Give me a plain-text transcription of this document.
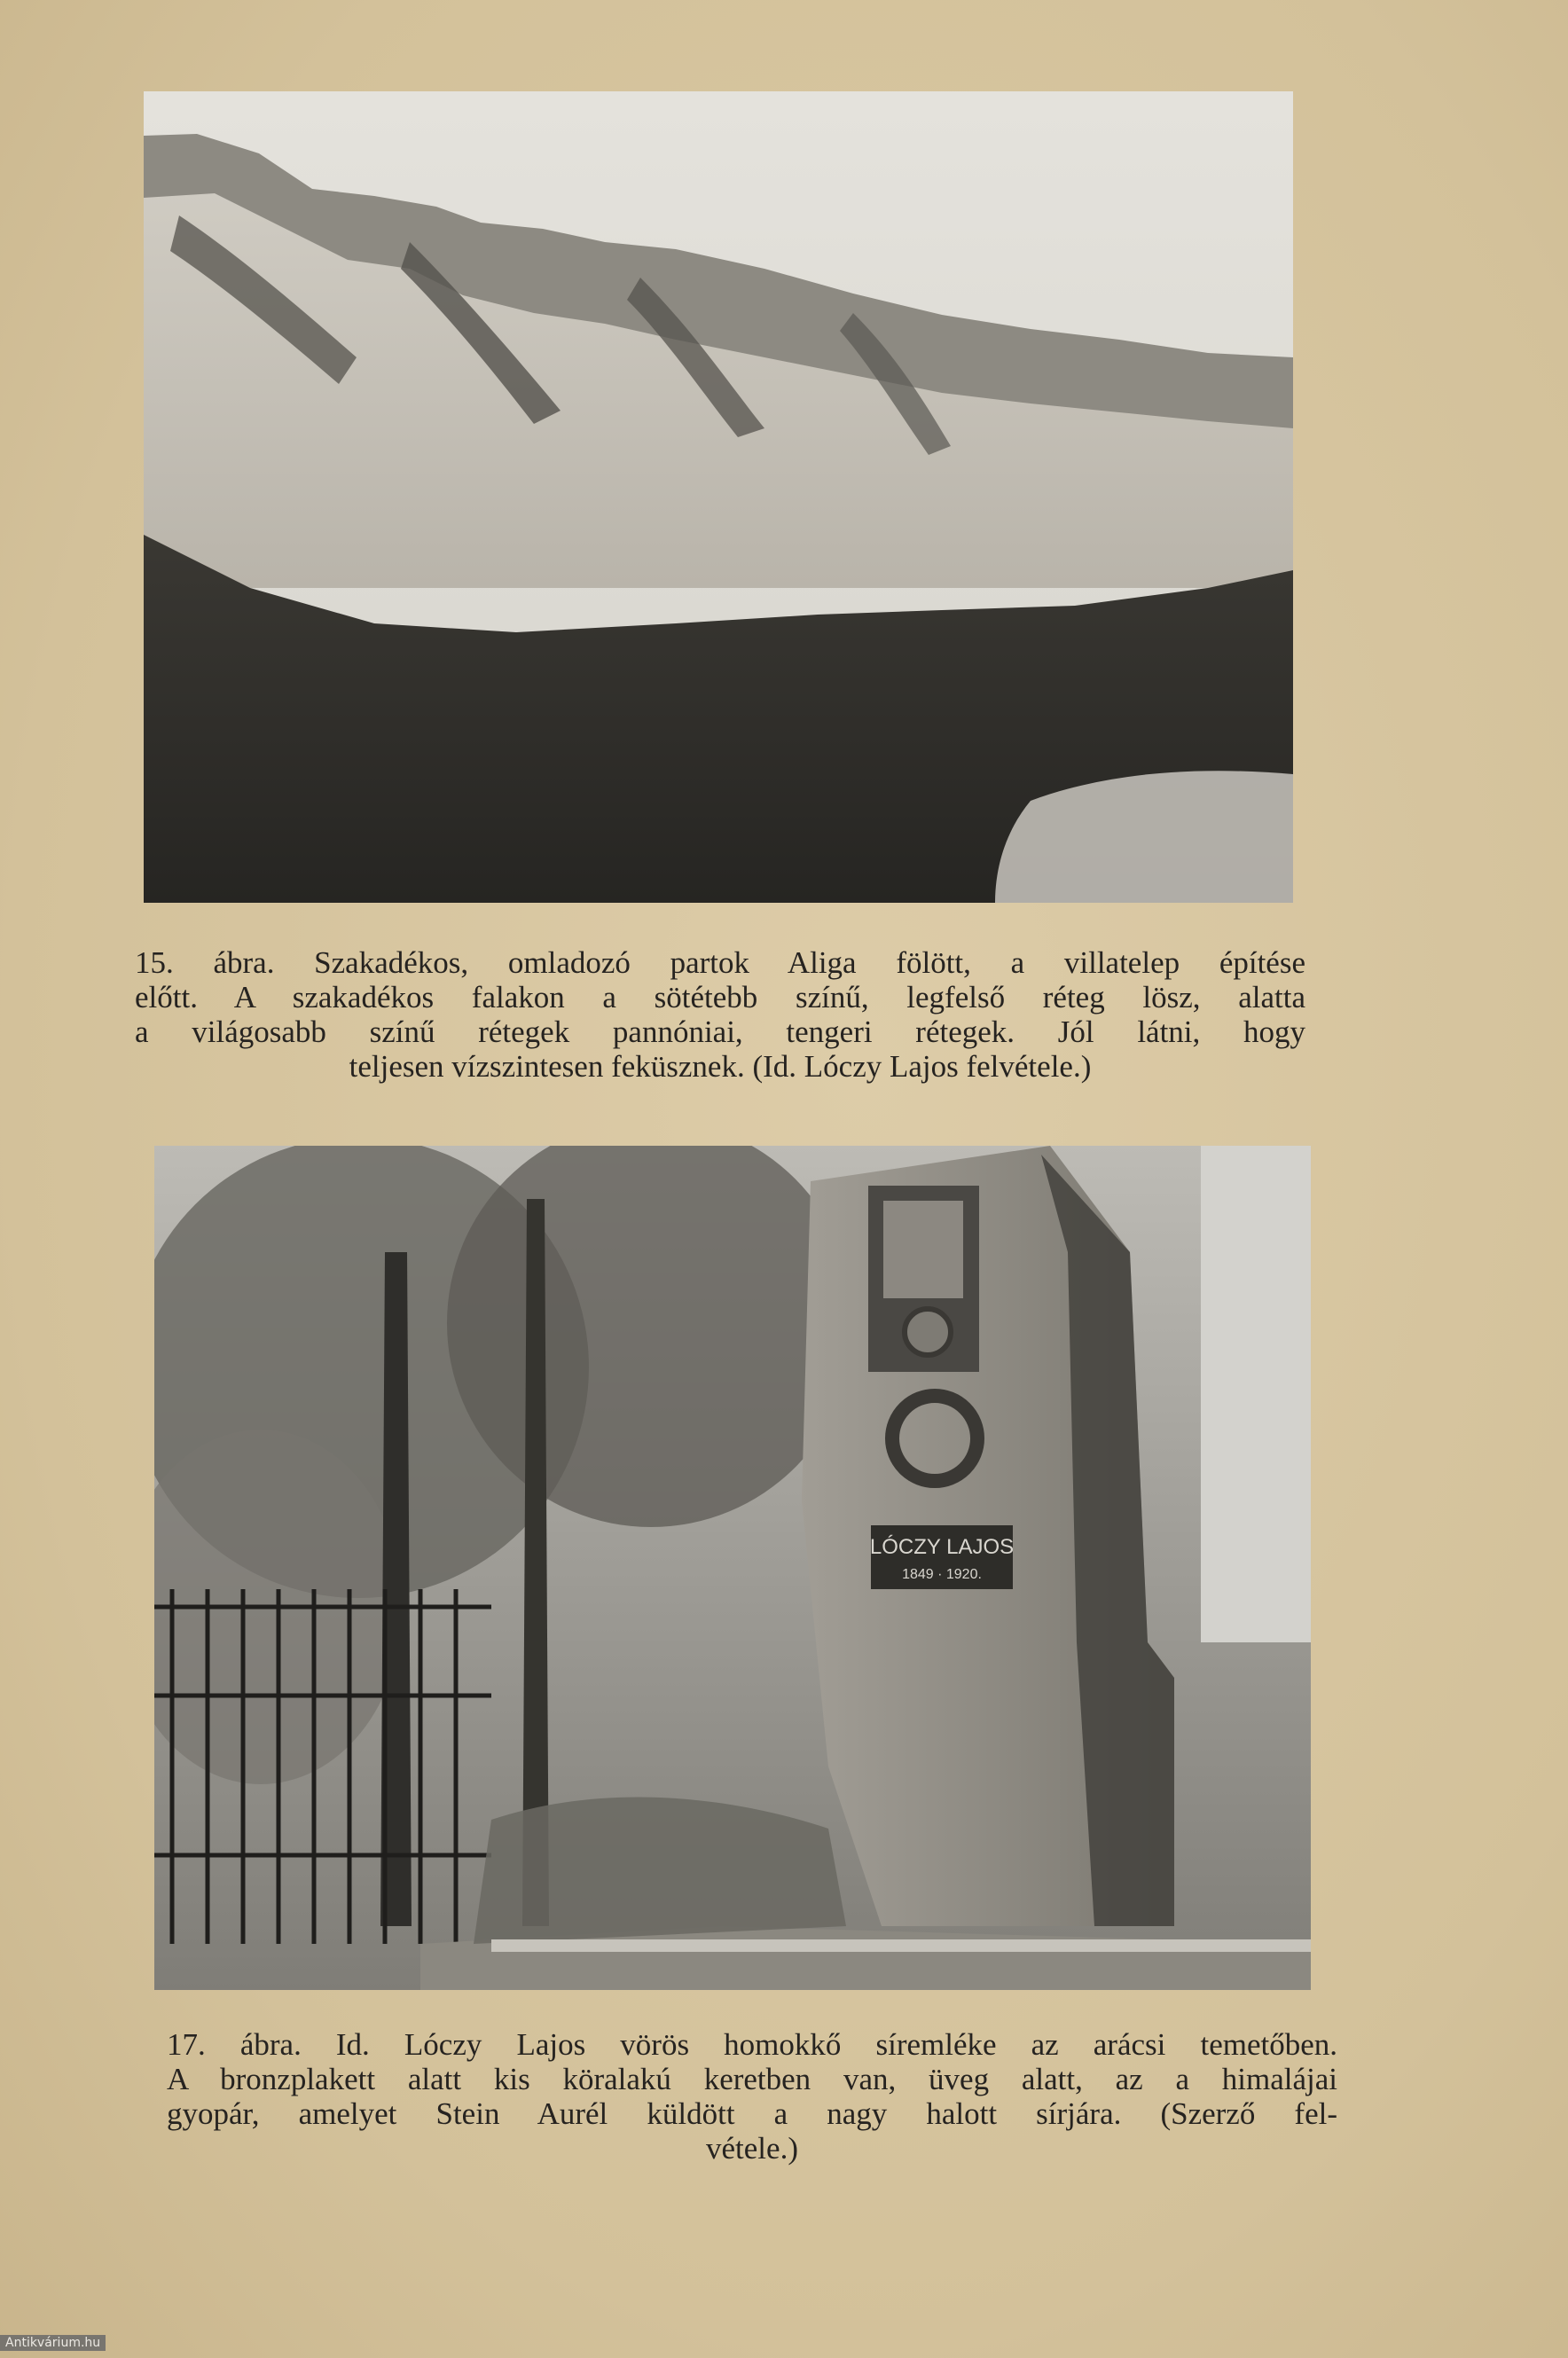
15. ábra. Szakadékos, omladozó partok Aliga fölött, a villatelep építése
előtt. A szakadékos falakon a sötétebb színű, legfelső réteg lösz, alatta
a világosabb színű rétegek pannóniai, tengeri rétegek. Jól látni, hogy
teljesen vízszintesen feküsznek. (Id. Lóczy Lajos felvétele.)
LÓCZY LAJOS
1849 · 1920.
17. ábra. Id. Lóczy Lajos vörös homokkő síremléke az arácsi temetőben.
A bronzplakett alatt kis köralakú keretben van, üveg alatt, az a himalájai
gyopár, amelyet Stein Aurél küldött a nagy halott sírjára. (Szerző fel-
vétele.)
Antikvárium.hu
